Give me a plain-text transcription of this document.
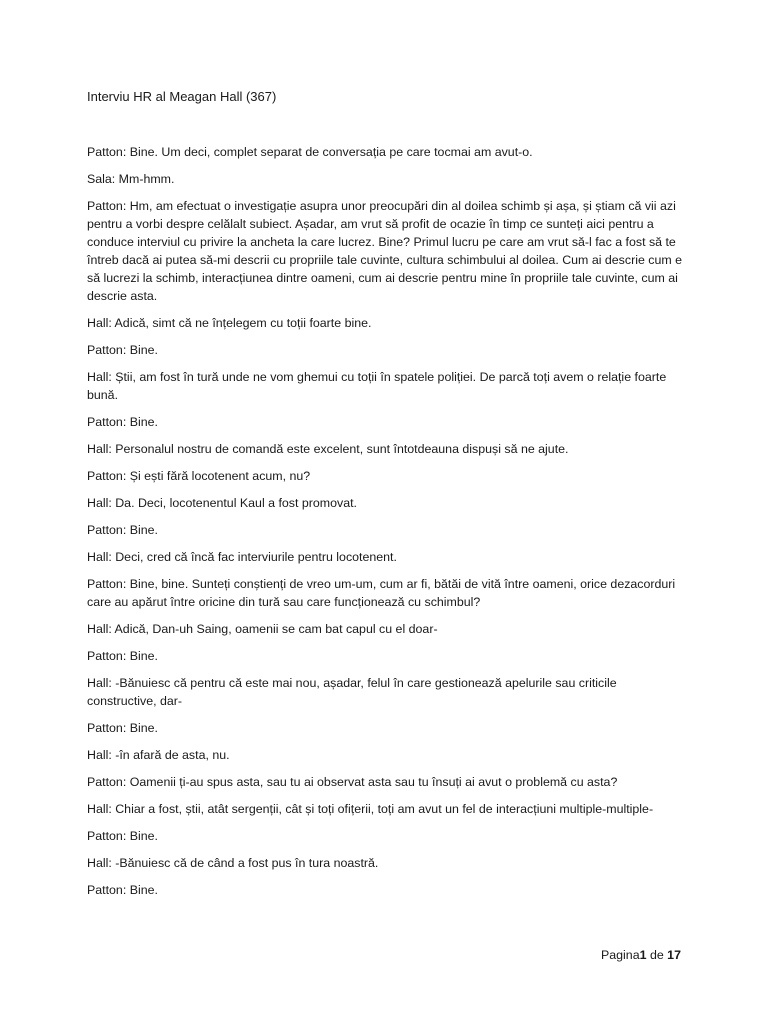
Interviu HR al Meagan Hall (367)

Patton: Bine. Um deci, complet separat de conversația pe care tocmai am avut-o.

Sala: Mm-hmm.

Patton: Hm, am efectuat o investigație asupra unor preocupări din al doilea schimb și așa, și știam că vii azi pentru a vorbi despre celălalt subiect. Așadar, am vrut să profit de ocazie în timp ce sunteți aici pentru a conduce interviul cu privire la ancheta la care lucrez. Bine? Primul lucru pe care am vrut să-l fac a fost să te întreb dacă ai putea să-mi descrii cu propriile tale cuvinte, cultura schimbului al doilea. Cum ai descrie cum e să lucrezi la schimb, interacțiunea dintre oameni, cum ai descrie pentru mine în propriile tale cuvinte, cum ai descrie asta.

Hall: Adică, simt că ne înțelegem cu toții foarte bine.

Patton: Bine.

Hall: Știi, am fost în tură unde ne vom ghemui cu toții în spatele poliției. De parcă toți avem o relație foarte bună.

Patton: Bine.

Hall: Personalul nostru de comandă este excelent, sunt întotdeauna dispuși să ne ajute.

Patton: Și ești fără locotenent acum, nu?

Hall: Da. Deci, locotenentul Kaul a fost promovat.

Patton: Bine.

Hall: Deci, cred că încă fac interviurile pentru locotenent.

Patton: Bine, bine. Sunteți conștienți de vreo um-um, cum ar fi, bătăi de vită între oameni, orice dezacorduri care au apărut între oricine din tură sau care funcționează cu schimbul?

Hall: Adică, Dan-uh Saing, oamenii se cam bat capul cu el doar-

Patton: Bine.

Hall: -Bănuiesc că pentru că este mai nou, așadar, felul în care gestionează apelurile sau criticile constructive, dar-

Patton: Bine.

Hall: -în afară de asta, nu.

Patton: Oamenii ți-au spus asta, sau tu ai observat asta sau tu însuți ai avut o problemă cu asta?

Hall: Chiar a fost, știi, atât sergenții, cât și toți ofițerii, toți am avut un fel de interacțiuni multiple-multiple-

Patton: Bine.

Hall: -Bănuiesc că de când a fost pus în tura noastră.

Patton: Bine.

Pagina1 de 17
